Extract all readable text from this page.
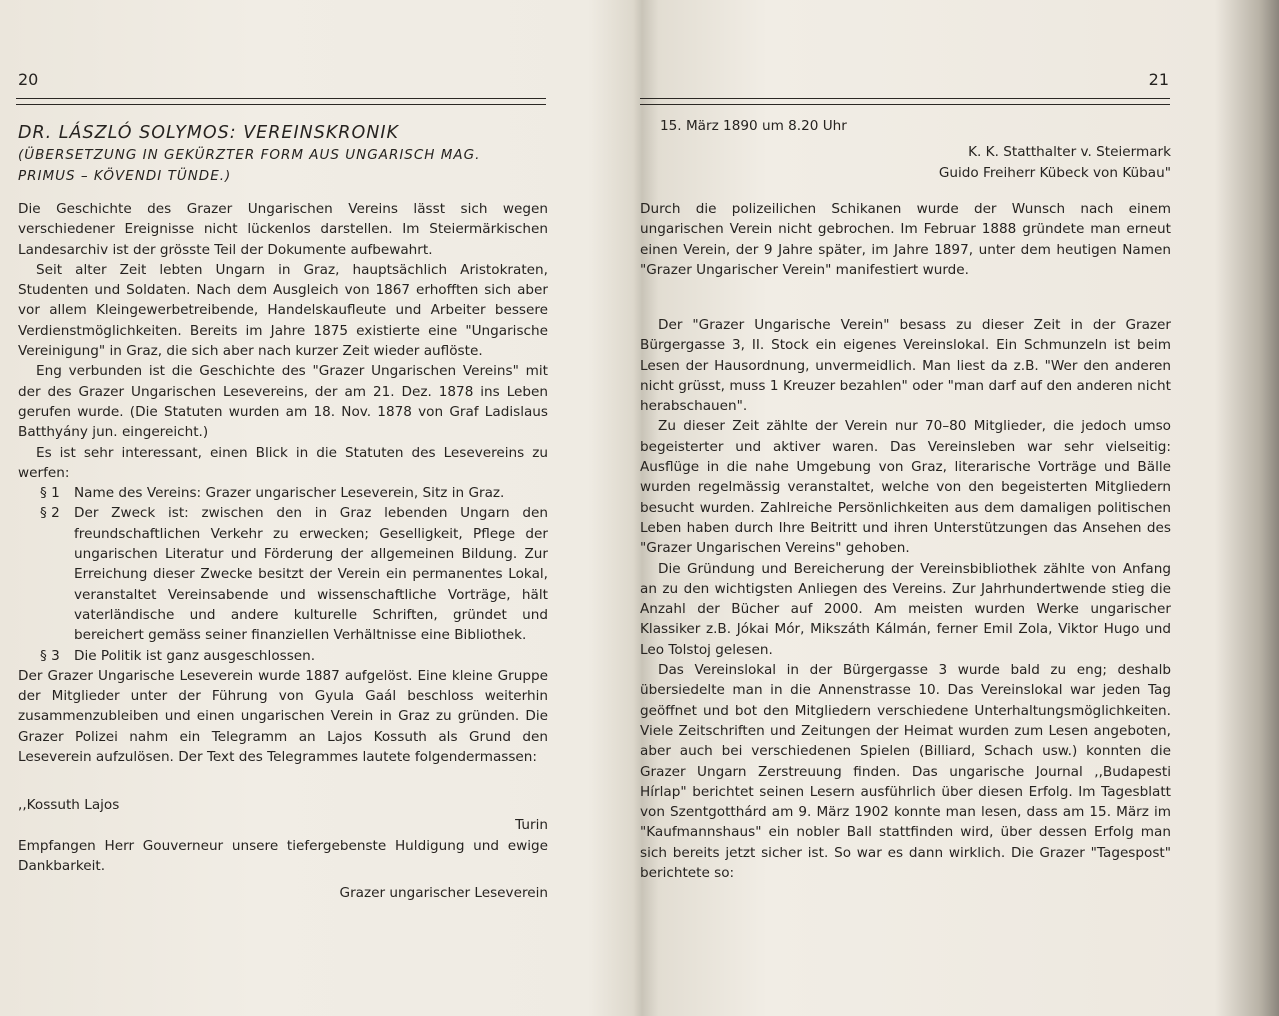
20
DR. LÁSZLÓ SOLYMOS: VEREINSKRONIK
(ÜBERSETZUNG IN GEKÜRZTER FORM AUS UNGARISCH MAG.
PRIMUS – KÖVENDI TÜNDE.)

Die Geschichte des Grazer Ungarischen Vereins lässt sich wegen verschiedener Ereignisse nicht lückenlos darstellen. Im Steiermärkischen Landesarchiv ist der grösste Teil der Dokumente aufbewahrt.

Seit alter Zeit lebten Ungarn in Graz, hauptsächlich Aristokraten, Studenten und Soldaten. Nach dem Ausgleich von 1867 erhofften sich aber vor allem Kleingewerbetreibende, Handelskaufleute und Arbeiter bessere Verdienstmöglichkeiten. Bereits im Jahre 1875 existierte eine "Ungarische Vereinigung" in Graz, die sich aber nach kurzer Zeit wieder auflöste.

Eng verbunden ist die Geschichte des "Grazer Ungarischen Vereins" mit der des Grazer Ungarischen Lesevereins, der am 21. Dez. 1878 ins Leben gerufen wurde. (Die Statuten wurden am 18. Nov. 1878 von Graf Ladislaus Batthyány jun. eingereicht.)

Es ist sehr interessant, einen Blick in die Statuten des Lesevereins zu werfen:

§ 1	Name des Vereins: Grazer ungarischer Leseverein, Sitz in Graz.
§ 2	Der Zweck ist: zwischen den in Graz lebenden Ungarn den freundschaftlichen Verkehr zu erwecken; Geselligkeit, Pflege der ungarischen Literatur und Förderung der allgemeinen Bildung. Zur Erreichung dieser Zwecke besitzt der Verein ein permanentes Lokal, veranstaltet Vereinsabende und wissenschaftliche Vorträge, hält vaterländische und andere kulturelle Schriften, gründet und bereichert gemäss seiner finanziellen Verhältnisse eine Bibliothek.
§ 3	Die Politik ist ganz ausgeschlossen.

Der Grazer Ungarische Leseverein wurde 1887 aufgelöst. Eine kleine Gruppe der Mitglieder unter der Führung von Gyula Gaál beschloss weiterhin zusammenzubleiben und einen ungarischen Verein in Graz zu gründen. Die Grazer Polizei nahm ein Telegramm an Lajos Kossuth als Grund den Leseverein aufzulösen. Der Text des Telegrammes lautete folgendermassen:

,,Kossuth Lajos

Turin

Empfangen Herr Gouverneur unsere tiefergebenste Huldigung und ewige Dankbarkeit.

Grazer ungarischer Leseverein

21

15. März 1890 um 8.20 Uhr

K. K. Statthalter v. Steiermark

Guido Freiherr Kübeck von Kübau"

Durch die polizeilichen Schikanen wurde der Wunsch nach einem ungarischen Verein nicht gebrochen. Im Februar 1888 gründete man erneut einen Verein, der 9 Jahre später, im Jahre 1897, unter dem heutigen Namen "Grazer Ungarischer Verein" manifestiert wurde.

Der "Grazer Ungarische Verein" besass zu dieser Zeit in der Grazer Bürgergasse 3, II. Stock ein eigenes Vereinslokal. Ein Schmunzeln ist beim Lesen der Hausordnung, unvermeidlich. Man liest da z.B. "Wer den anderen nicht grüsst, muss 1 Kreuzer bezahlen" oder "man darf auf den anderen nicht herabschauen".

Zu dieser Zeit zählte der Verein nur 70–80 Mitglieder, die jedoch umso begeisterter und aktiver waren. Das Vereinsleben war sehr vielseitig: Ausflüge in die nahe Umgebung von Graz, literarische Vorträge und Bälle wurden regelmässig veranstaltet, welche von den begeisterten Mitgliedern besucht wurden. Zahlreiche Persönlichkeiten aus dem damaligen politischen Leben haben durch Ihre Beitritt und ihren Unterstützungen das Ansehen des "Grazer Ungarischen Vereins" gehoben.

Die Gründung und Bereicherung der Vereinsbibliothek zählte von Anfang an zu den wichtigsten Anliegen des Vereins. Zur Jahrhundertwende stieg die Anzahl der Bücher auf 2000. Am meisten wurden Werke ungarischer Klassiker z.B. Jókai Mór, Mikszáth Kálmán, ferner Emil Zola, Viktor Hugo und Leo Tolstoj gelesen.

Das Vereinslokal in der Bürgergasse 3 wurde bald zu eng; deshalb übersiedelte man in die Annenstrasse 10. Das Vereinslokal war jeden Tag geöffnet und bot den Mitgliedern verschiedene Unterhaltungsmöglichkeiten. Viele Zeitschriften und Zeitungen der Heimat wurden zum Lesen angeboten, aber auch bei verschiedenen Spielen (Billiard, Schach usw.) konnten die Grazer Ungarn Zerstreuung finden. Das ungarische Journal ,,Budapesti Hírlap" berichtet seinen Lesern ausführlich über diesen Erfolg. Im Tagesblatt von Szentgotthárd am 9. März 1902 konnte man lesen, dass am 15. März im "Kaufmannshaus" ein nobler Ball stattfinden wird, über dessen Erfolg man sich bereits jetzt sicher ist. So war es dann wirklich. Die Grazer "Tagespost" berichtete so:
